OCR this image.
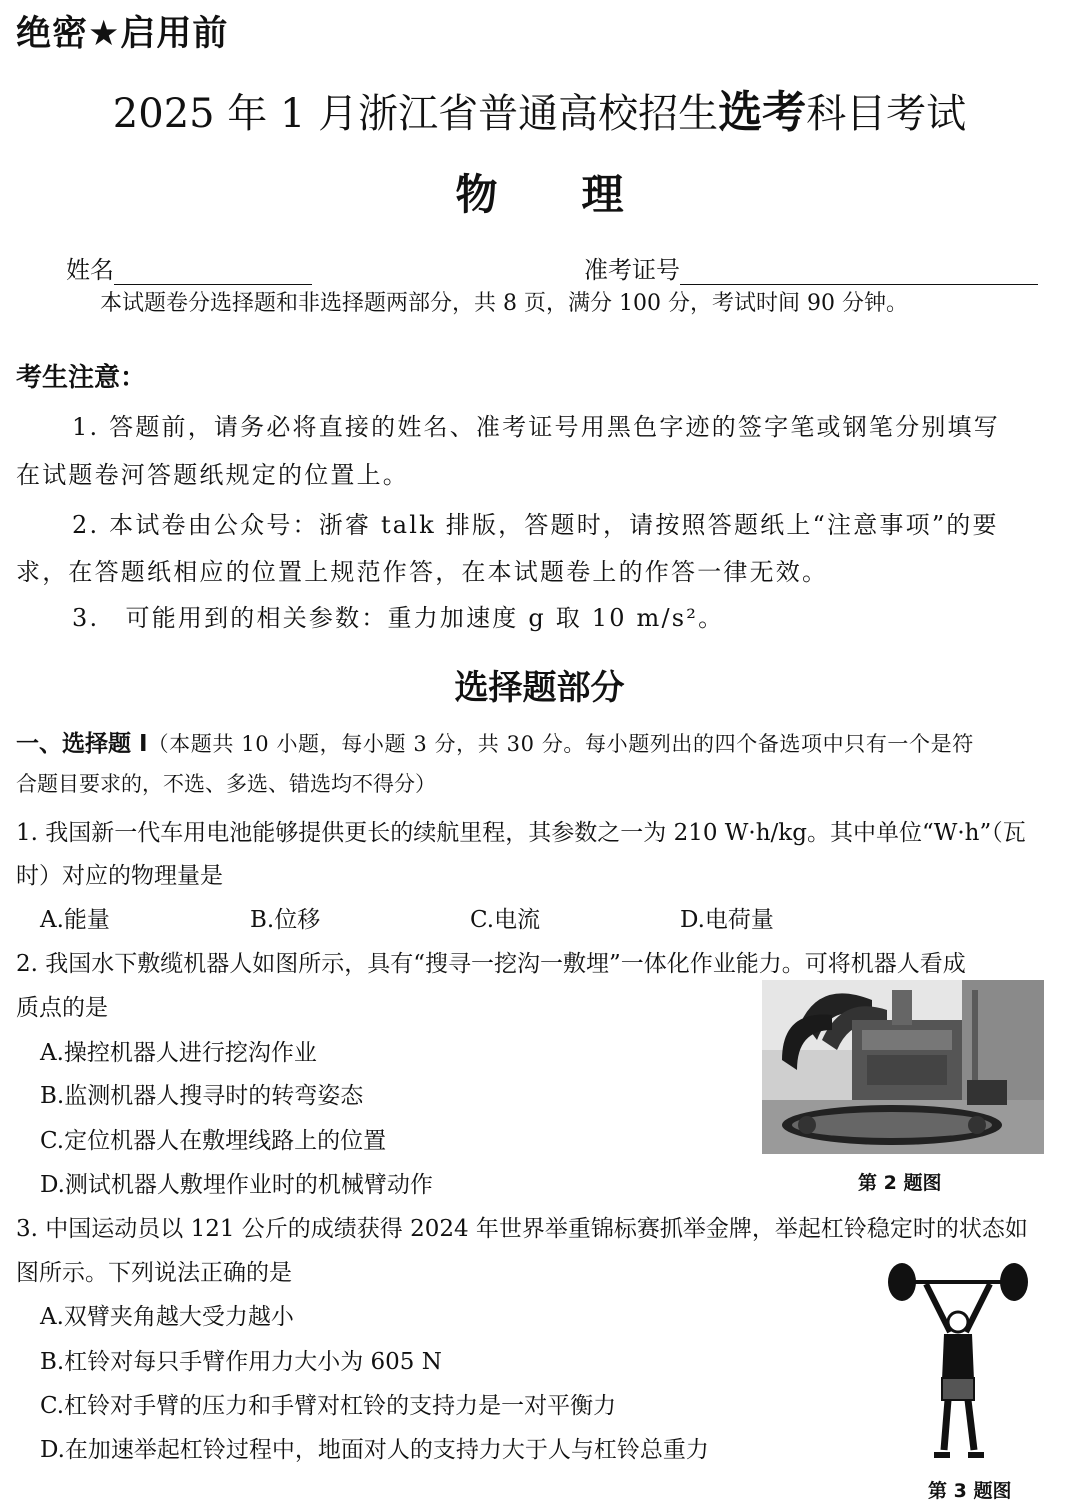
绝密★启用前
2025 年 1 月浙江省普通高校招生选考科目考试
物　　理
姓名	准考证号
本试题卷分选择题和非选择题两部分，共 8 页，满分 100 分，考试时间 90 分钟。
考生注意：
1. 答题前，请务必将直接的姓名、准考证号用黑色字迹的签字笔或钢笔分别填写
在试题卷河答题纸规定的位置上。
2. 本试卷由公众号：浙睿 talk 排版，答题时，请按照答题纸上“注意事项”的要
求，在答题纸相应的位置上规范作答，在本试题卷上的作答一律无效。
3.　可能用到的相关参数：重力加速度 g 取 10 m/s²。
选择题部分
一、选择题 I（本题共 10 小题，每小题 3 分，共 30 分。每小题列出的四个备选项中只有一个是符
合题目要求的，不选、多选、错选均不得分）
1. 我国新一代车用电池能够提供更长的续航里程，其参数之一为 210 W·h/kg。其中单位“W·h”（瓦
时）对应的物理量是
A.能量	B.位移	C.电流	D.电荷量
2. 我国水下敷缆机器人如图所示，具有“搜寻一挖沟一敷埋”一体化作业能力。可将机器人看成
质点的是
A.操控机器人进行挖沟作业
B.监测机器人搜寻时的转弯姿态
C.定位机器人在敷埋线路上的位置
D.测试机器人敷埋作业时的机械臂动作	第 2 题图
3. 中国运动员以 121 公斤的成绩获得 2024 年世界举重锦标赛抓举金牌，举起杠铃稳定时的状态如
图所示。下列说法正确的是
A.双臂夹角越大受力越小
B.杠铃对每只手臂作用力大小为 605 N
C.杠铃对手臂的压力和手臂对杠铃的支持力是一对平衡力
D.在加速举起杠铃过程中，地面对人的支持力大于人与杠铃总重力
第 3 题图
